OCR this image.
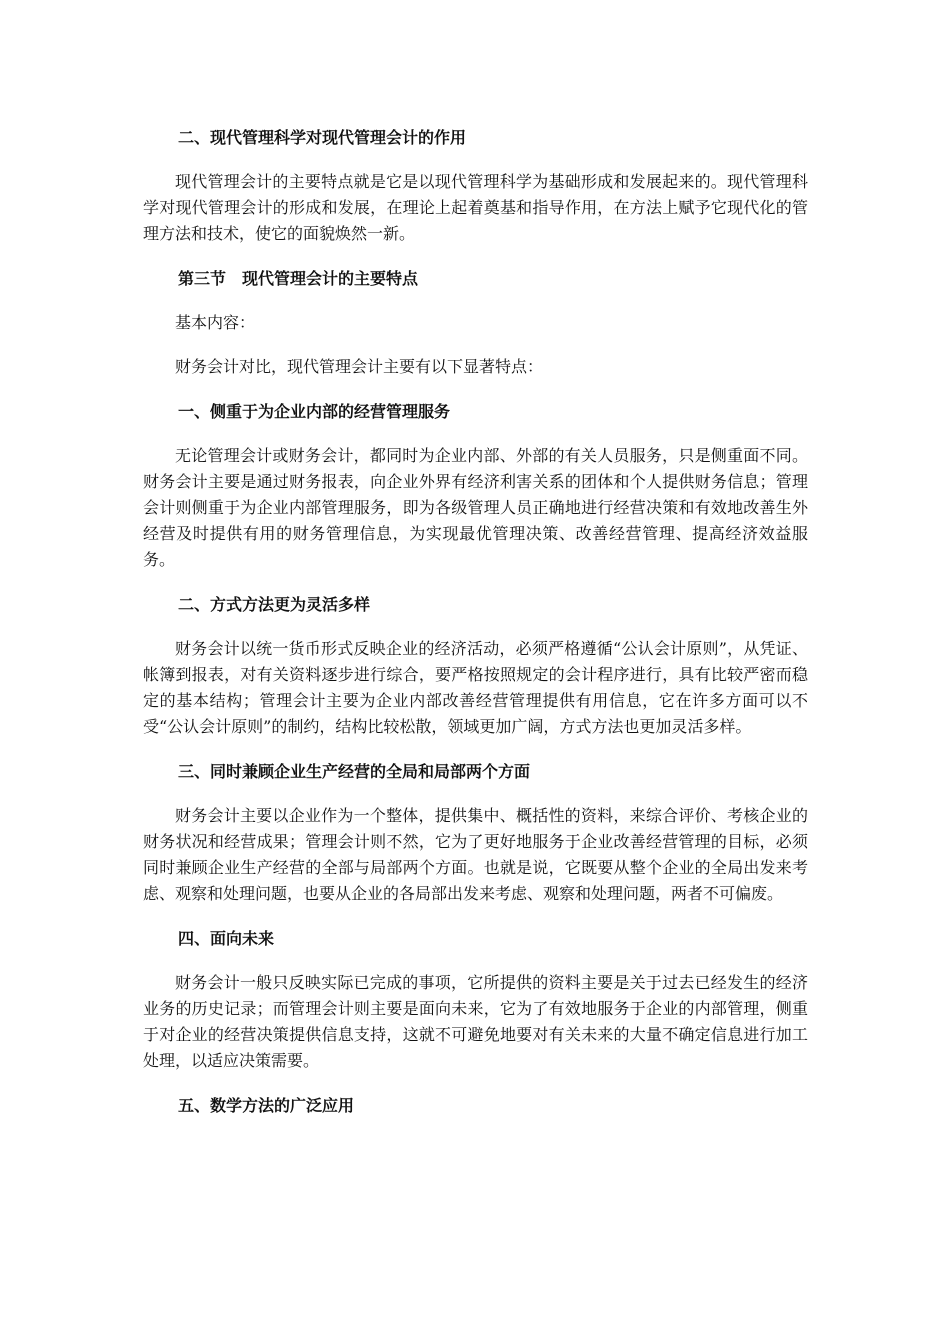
二、现代管理科学对现代管理会计的作用

现代管理会计的主要特点就是它是以现代管理科学为基础形成和发展起来的。现代管理科学对现代管理会计的形成和发展，在理论上起着奠基和指导作用，在方法上赋予它现代化的管理方法和技术，使它的面貌焕然一新。

第三节　现代管理会计的主要特点

基本内容：

财务会计对比，现代管理会计主要有以下显著特点：

一、侧重于为企业内部的经营管理服务

无论管理会计或财务会计，都同时为企业内部、外部的有关人员服务，只是侧重面不同。财务会计主要是通过财务报表，向企业外界有经济利害关系的团体和个人提供财务信息；管理会计则侧重于为企业内部管理服务，即为各级管理人员正确地进行经营决策和有效地改善生外经营及时提供有用的财务管理信息，为实现最优管理决策、改善经营管理、提高经济效益服务。

二、方式方法更为灵活多样

财务会计以统一货币形式反映企业的经济活动，必须严格遵循“公认会计原则”，从凭证、帐簿到报表，对有关资料逐步进行综合，要严格按照规定的会计程序进行，具有比较严密而稳定的基本结构；管理会计主要为企业内部改善经营管理提供有用信息，它在许多方面可以不受“公认会计原则”的制约，结构比较松散，领域更加广阔，方式方法也更加灵活多样。

三、同时兼顾企业生产经营的全局和局部两个方面

财务会计主要以企业作为一个整体，提供集中、概括性的资料，来综合评价、考核企业的财务状况和经营成果；管理会计则不然，它为了更好地服务于企业改善经营管理的目标，必须同时兼顾企业生产经营的全部与局部两个方面。也就是说，它既要从整个企业的全局出发来考虑、观察和处理问题，也要从企业的各局部出发来考虑、观察和处理问题，两者不可偏废。

四、面向未来

财务会计一般只反映实际已完成的事项，它所提供的资料主要是关于过去已经发生的经济业务的历史记录；而管理会计则主要是面向未来，它为了有效地服务于企业的内部管理，侧重于对企业的经营决策提供信息支持，这就不可避免地要对有关未来的大量不确定信息进行加工处理，以适应决策需要。

五、数学方法的广泛应用
